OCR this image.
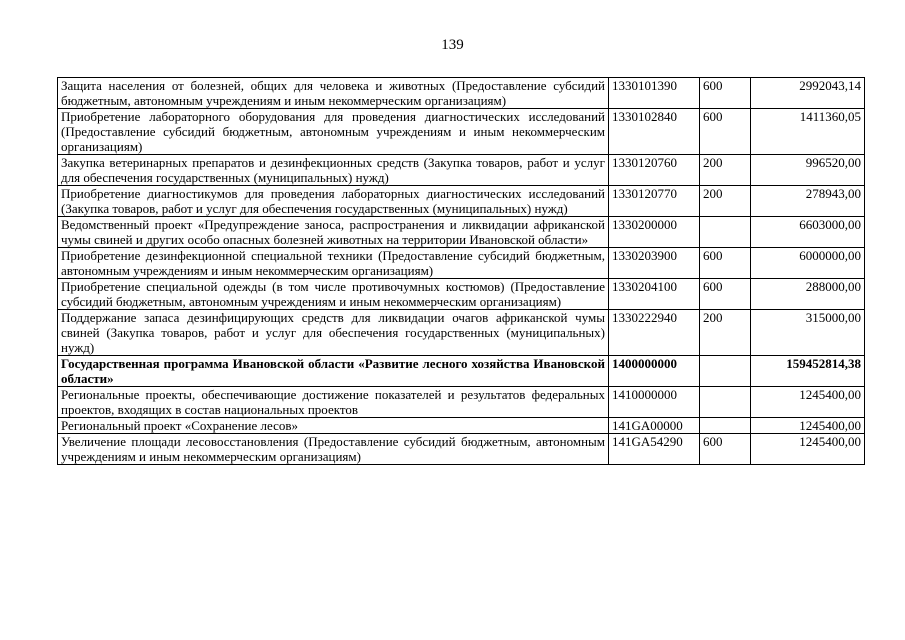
139
Защита населения от болезней, общих для человека и животных (Предоставление субсидий бюджетным, автономным учреждениям и иным некоммерческим организациям)	1330101390	600	2992043,14
Приобретение лабораторного оборудования для проведения диагностических исследований (Предоставление субсидий бюджетным, автономным учреждениям и иным некоммерческим организациям)	1330102840	600	1411360,05
Закупка ветеринарных препаратов и дезинфекционных средств (Закупка товаров, работ и услуг для обеспечения государственных (муниципальных) нужд)	1330120760	200	996520,00
Приобретение диагностикумов для проведения лабораторных диагностических исследований (Закупка товаров, работ и услуг для обеспечения государственных (муниципальных) нужд)	1330120770	200	278943,00
Ведомственный проект «Предупреждение заноса, распространения и ликвидации африканской чумы свиней и других особо опасных болезней животных на территории Ивановской области»	1330200000		6603000,00
Приобретение дезинфекционной специальной техники (Предоставление субсидий бюджетным, автономным учреждениям и иным некоммерческим организациям)	1330203900	600	6000000,00
Приобретение специальной одежды (в том числе противочумных костюмов) (Предоставление субсидий бюджетным, автономным учреждениям и иным некоммерческим организациям)	1330204100	600	288000,00
Поддержание запаса дезинфицирующих средств для ликвидации очагов африканской чумы свиней (Закупка товаров, работ и услуг для обеспечения государственных (муниципальных) нужд)	1330222940	200	315000,00
Государственная программа Ивановской области «Развитие лесного хозяйства Ивановской области»	1400000000		159452814,38
Региональные проекты, обеспечивающие достижение показателей и результатов федеральных проектов, входящих в состав национальных проектов	1410000000		1245400,00
Региональный проект «Сохранение лесов»	141GA00000		1245400,00
Увеличение площади лесовосстановления (Предоставление субсидий бюджетным, автономным учреждениям и иным некоммерческим организациям)	141GA54290	600	1245400,00
